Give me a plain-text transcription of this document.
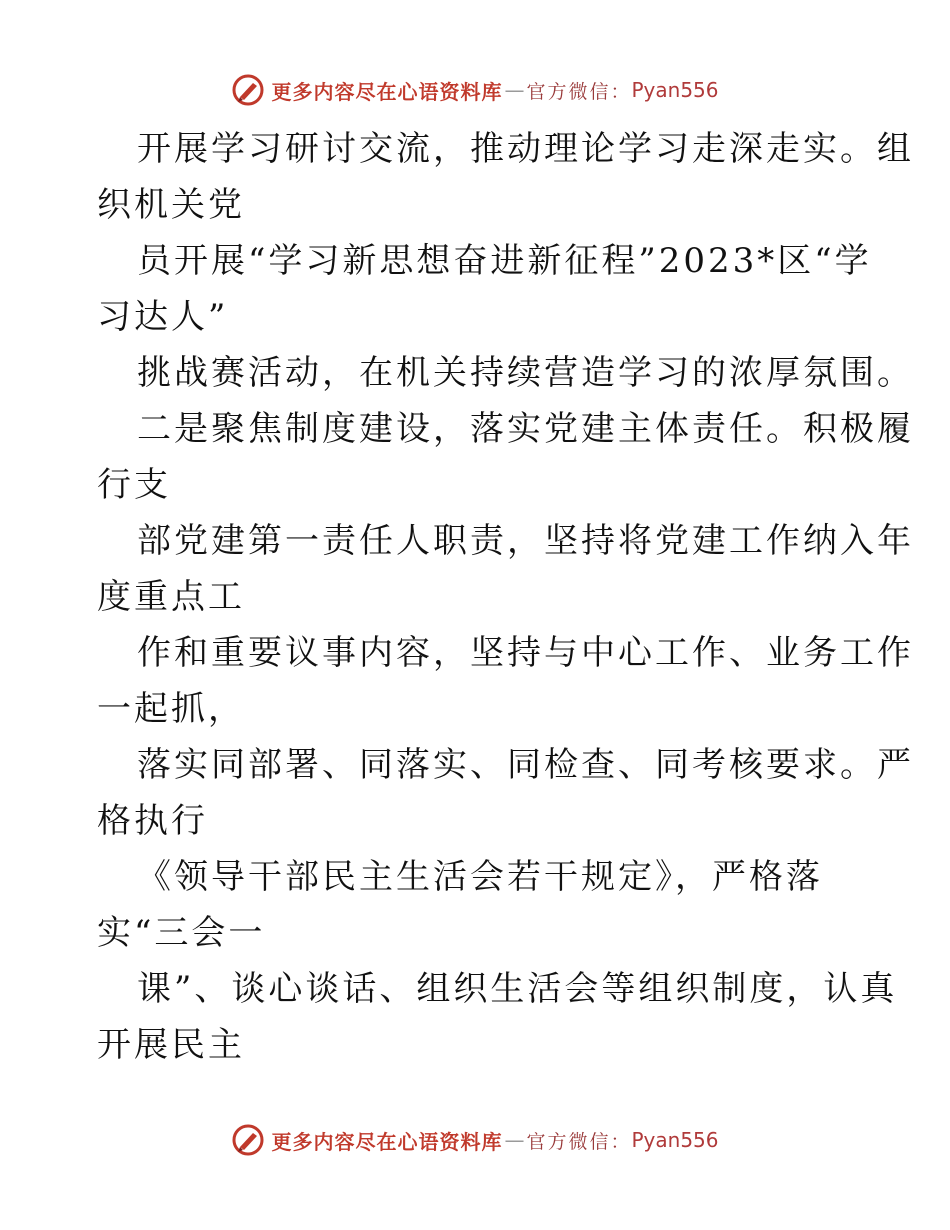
更多内容尽在心语资料库 — 官方微信： Pyan556
开展学习研讨交流，推动理论学习走深走实。组
织机关党
员开展“学习新思想奋进新征程”2023*区“学
习达人”
挑战赛活动，在机关持续营造学习的浓厚氛围。
二是聚焦制度建设，落实党建主体责任。积极履
行支
部党建第一责任人职责，坚持将党建工作纳入年
度重点工
作和重要议事内容，坚持与中心工作、业务工作
一起抓，
落实同部署、同落实、同检查、同考核要求。严
格执行
《领导干部民主生活会若干规定》，严格落
实“三会一
课”、谈心谈话、组织生活会等组织制度，认真
开展民主
更多内容尽在心语资料库 — 官方微信： Pyan556
